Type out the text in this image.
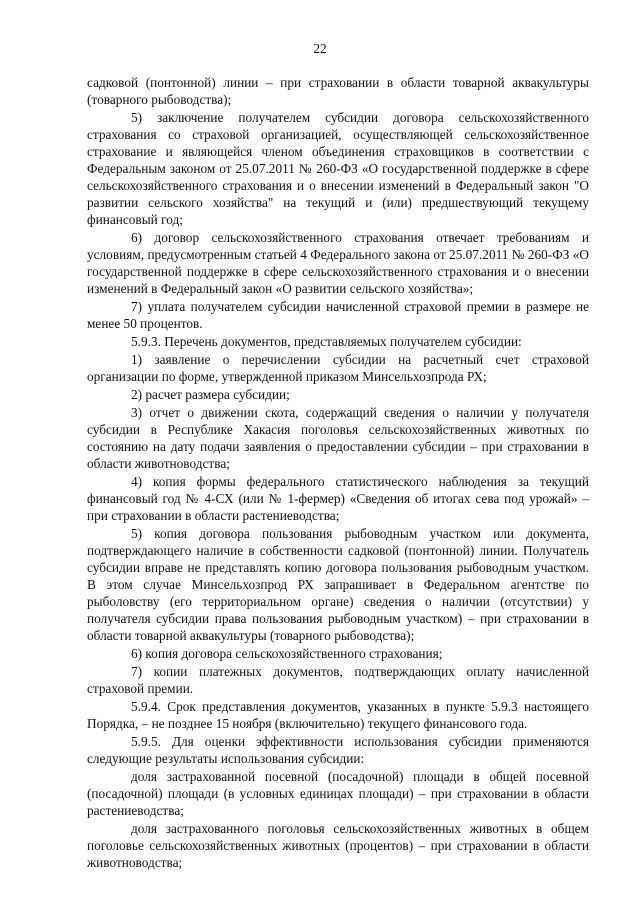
22

садковой (понтонной) линии – при страховании в области товарной аквакультуры (товарного рыбоводства);

5) заключение получателем субсидии договора сельскохозяйственного страхования со страховой организацией, осуществляющей сельскохозяйственное страхование и являющейся членом объединения страховщиков в соответствии с Федеральным законом от 25.07.2011 № 260-ФЗ «О государственной поддержке в сфере сельскохозяйственного страхования и о внесении изменений в Федеральный закон "О развитии сельского хозяйства" на текущий и (или) предшествующий текущему финансовый год;

6) договор сельскохозяйственного страхования отвечает требованиям и условиям, предусмотренным статьей 4 Федерального закона от 25.07.2011 № 260-ФЗ «О государственной поддержке в сфере сельскохозяйственного страхования и о внесении изменений в Федеральный закон «О развитии сельского хозяйства»;

7) уплата получателем субсидии начисленной страховой премии в размере не менее 50 процентов.

5.9.3. Перечень документов, представляемых получателем субсидии:

1) заявление о перечислении субсидии на расчетный счет страховой организации по форме, утвержденной приказом Минсельхозпрода РХ;

2) расчет размера субсидии;

3) отчет о движении скота, содержащий сведения о наличии у получателя субсидии в Республике Хакасия поголовья сельскохозяйственных животных по состоянию на дату подачи заявления о предоставлении субсидии – при страховании в области животноводства;

4) копия формы федерального статистического наблюдения за текущий финансовый год № 4-СХ (или № 1-фермер) «Сведения об итогах сева под урожай» – при страховании в области растениеводства;

5) копия договора пользования рыбоводным участком или документа, подтверждающего наличие в собственности садковой (понтонной) линии. Получатель субсидии вправе не представлять копию договора пользования рыбоводным участком. В этом случае Минсельхозпрод РХ запрашивает в Федеральном агентстве по рыболовству (его территориальном органе) сведения о наличии (отсутствии) у получателя субсидии права пользования рыбоводным участком) – при страховании в области товарной аквакультуры (товарного рыбоводства);

6) копия договора сельскохозяйственного страхования;

7) копии платежных документов, подтверждающих оплату начисленной страховой премии.

5.9.4. Срок представления документов, указанных в пункте 5.9.3 настоящего Порядка, – не позднее 15 ноября (включительно) текущего финансового года.

5.9.5. Для оценки эффективности использования субсидии применяются следующие результаты использования субсидии:

доля застрахованной посевной (посадочной) площади в общей посевной (посадочной) площади (в условных единицах площади) – при страховании в области растениеводства;

доля застрахованного поголовья сельскохозяйственных животных в общем поголовье сельскохозяйственных животных (процентов) – при страховании в области животноводства;
